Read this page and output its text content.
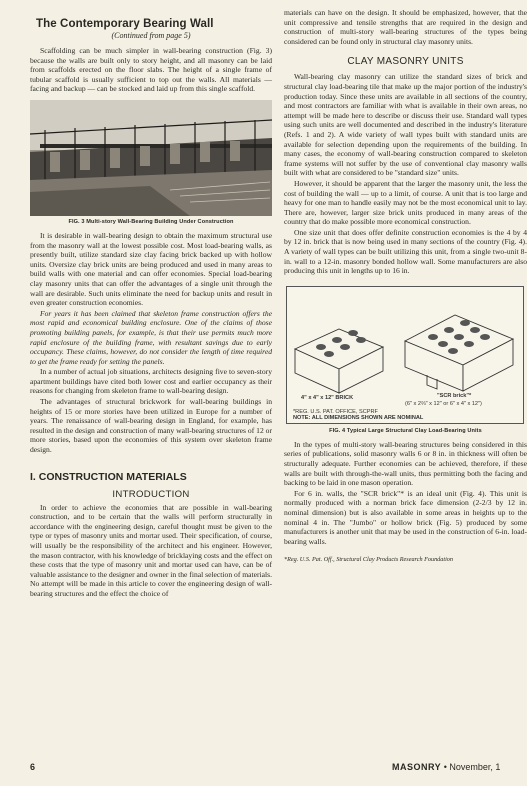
The Contemporary Bearing Wall
(Continued from page 5)

Scaffolding can be much simpler in wall-bearing construction (Fig. 3) because the walls are built only to story height, and all masonry can be laid from scaffolds erected on the floor slabs. The height of a single frame of tubular scaffold is usually sufficient to top out the walls. All materials — facing and backup — can be stocked and laid up from this single scaffold.

FIG. 3 Multi-story Wall-Bearing Building Under Construction

It is desirable in wall-bearing design to obtain the maximum structural use from the masonry wall at the lowest possible cost. Most load-bearing walls, as presently built, utilize standard size clay facing brick backed up with hollow units. Oversize clay brick units are being produced and used in many areas to build walls with one material and can offer economies. Special load-bearing clay masonry units that can offer the advantages of a single unit through the wall are desirable. Such units eliminate the need for backup units and result in even greater construction economies.

For years it has been claimed that skeleton frame construction offers the most rapid and economical building enclosure. One of the claims of those promoting building panels, for example, is that their use permits much more rapid enclosure of the building frame, with resultant savings due to early occupancy. These claims, however, do not consider the length of time required to get the frame ready for setting the panels.

In a number of actual job situations, architects designing five to seven-story apartment buildings have cited both lower cost and earlier occupancy as their reasons for changing from skeleton frame to wall-bearing design.

The advantages of structural brickwork for wall-bearing buildings in heights of 15 or more stories have been utilized in Europe for a number of years. The renaissance of wall-bearing design in England, for example, has resulted in the design and construction of many wall-bearing structures of 12 or more stories, based upon the economies of this system over skeleton frame design.

I. CONSTRUCTION MATERIALS
INTRODUCTION

In order to achieve the economies that are possible in wall-bearing construction, and to be certain that the walls will perform structurally in accordance with the engineering design, careful thought must be given to the type or types of masonry units and mortar used. Their specification, of course, will usually be the responsibility of the architect and his engineer. However, the mason contractor, with his knowledge of bricklaying costs and the effect on these costs that the type of masonry unit and mortar used can have, can be of valuable assistance to the designer and owner in the final selection of materials. No attempt will be made in this article to cover the engineering design of wall-bearing structures and the effect the choice of

materials can have on the design. It should be emphasized, however, that the unit compressive and tensile strengths that are required in the design and construction of multi-story wall-bearing structures of the types being considered can be found only in structural clay masonry units.

CLAY MASONRY UNITS

Wall-bearing clay masonry can utilize the standard sizes of brick and structural clay load-bearing tile that make up the major portion of the industry's production today. Since these units are available in all sections of the country, and most contractors are familiar with what is available in their own areas, no attempt will be made here to describe or discuss their use. Standard wall types using such units are well documented and described in the industry's literature (Refs. 1 and 2). A wide variety of wall types built with standard units are available for selection depending upon the requirements of the building. In many cases, the economy of wall-bearing construction compared to skeleton frame systems will not suffer by the use of conventional clay masonry walls built with what are considered to be "standard size" units.

However, it should be apparent that the larger the masonry unit, the less the cost of building the wall — up to a limit, of course. A unit that is too large and heavy for one man to handle easily may not be the most economical unit to lay. There are, however, larger size brick units produced in many areas of the country that do make possible more economical construction.

One size unit that does offer definite construction economies is the 4 by 4 by 12 in. brick that is now being used in many sections of the country (Fig. 4). A variety of wall types can be built utilizing this unit, from a single two-unit 8-in. wall to a 12-in. masonry bonded hollow wall. Some manufacturers are also producing this unit in lengths up to 16 in.

4" x 4" x 12" BRICK	"SCR brick"*
(6" x 2⅔" x 12" or 6" x 4" x 12")
*REG. U.S. PAT. OFFICE, SCPRF
NOTE: ALL DIMENSIONS SHOWN ARE NOMINAL
FIG. 4 Typical Large Structural Clay Load-Bearing Units

In the types of multi-story wall-bearing structures being considered in this series of publications, solid masonry walls 6 or 8 in. in thickness will often be structurally adequate. Further economies can be achieved, therefore, if these walls are built with through-the-wall units, thus permitting both the facing and backing to be laid in one mason operation.

For 6 in. walls, the "SCR brick"* is an ideal unit (Fig. 4). This unit is normally produced with a norman brick face dimension (2-2/3 by 12 in. nominal dimension) but is also available in some areas in heights up to the nominal 4 in. The "Jumbo" or hollow brick (Fig. 5) produced by some manufacturers is another unit that may be used in the construction of 6-in. load-bearing walls.

*Reg. U.S. Pat. Off., Structural Clay Products Research Foundation
6	MASONRY • November, 1
